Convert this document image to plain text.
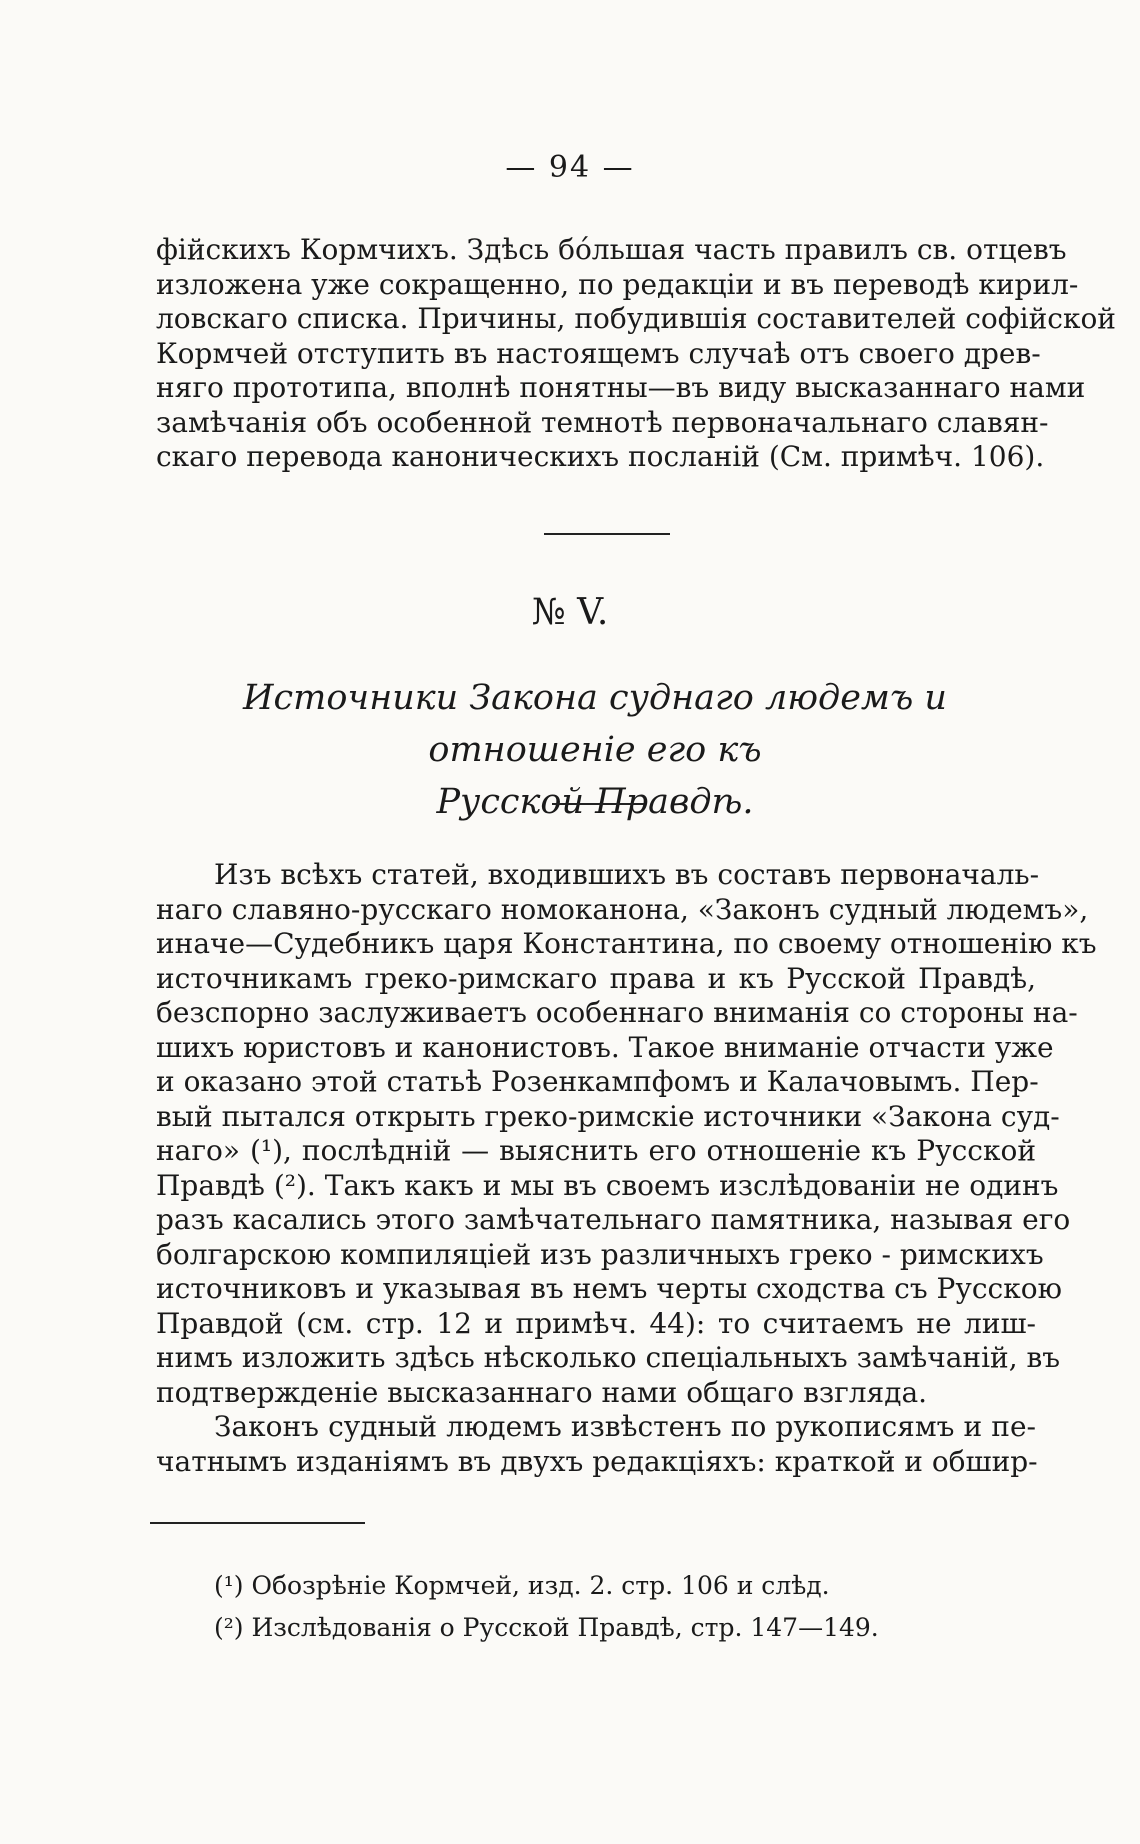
— 94 —
фійскихъ Кормчихъ. Здѣсь бо́льшая часть правилъ св. отцевъ
изложена уже сокращенно, по редакціи и въ переводѣ кирил-
ловскаго списка. Причины, побудившія составителей софійской
Кормчей отступить въ настоящемъ случаѣ отъ своего древ-
няго прототипа, вполнѣ понятны—въ виду высказаннаго нами
замѣчанія объ особенной темнотѣ первоначальнаго славян-
скаго перевода каноническихъ посланій (См. примѣч. 106).
№ V.
Источники Закона суднаго людемъ и отношеніе его къ
Русской Правдѣ.
Изъ всѣхъ статей, входившихъ въ составъ первоначаль-
наго славяно-русскаго номоканона, «Законъ судный людемъ»,
иначе—Судебникъ царя Константина, по своему отношенію къ
источникамъ греко-римскаго права и къ Русской Правдѣ,
безспорно заслуживаетъ особеннаго вниманія со стороны на-
шихъ юристовъ и канонистовъ. Такое вниманіе отчасти уже
и оказано этой статьѣ Розенкампфомъ и Калачовымъ. Пер-
вый пытался открыть греко-римскіе источники «Закона суд-
наго» (¹), послѣдній — выяснить его отношеніе къ Русской
Правдѣ (²). Такъ какъ и мы въ своемъ изслѣдованіи не одинъ
разъ касались этого замѣчательнаго памятника, называя его
болгарскою компиляціей изъ различныхъ греко - римскихъ
источниковъ и указывая въ немъ черты сходства съ Русскою
Правдой (см. стр. 12 и примѣч. 44): то считаемъ не лиш-
нимъ изложить здѣсь нѣсколько спеціальныхъ замѣчаній, въ
подтвержденіе высказаннаго нами общаго взгляда.
Законъ судный людемъ извѣстенъ по рукописямъ и пе-
чатнымъ изданіямъ въ двухъ редакціяхъ: краткой и обшир-
(¹) Обозрѣніе Кормчей, изд. 2. стр. 106 и слѣд.
(²) Изслѣдованія о Русской Правдѣ, стр. 147—149.
